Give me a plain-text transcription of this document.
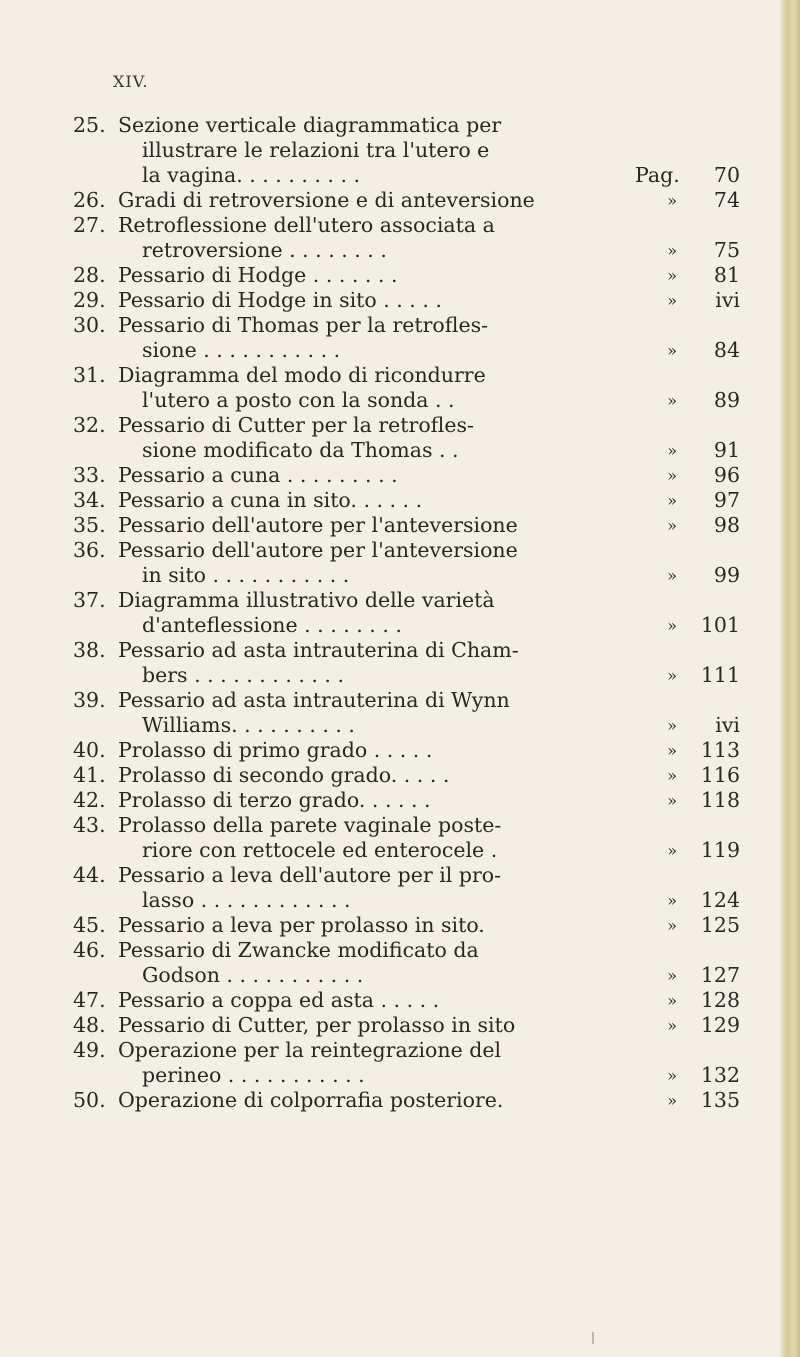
XIV.
25. Sezione verticale diagrammatica per
illustrare le relazioni tra l'utero e
la vagina. . . . . . . . . .	Pag.	70
26. Gradi di retroversione e di anteversione	»	74
27. Retroflessione dell'utero associata a
retroversione . . . . . . . .	»	75
28. Pessario di Hodge . . . . . . .	»	81
29. Pessario di Hodge in sito . . . . .	»	ivi
30. Pessario di Thomas per la retrofles-
sione . . . . . . . . . . .	»	84
31. Diagramma del modo di ricondurre
l'utero a posto con la sonda . .	»	89
32. Pessario di Cutter per la retrofles-
sione modificato da Thomas . .	»	91
33. Pessario a cuna . . . . . . . . .	»	96
34. Pessario a cuna in sito. . . . . .	»	97
35. Pessario dell'autore per l'anteversione	»	98
36. Pessario dell'autore per l'anteversione
in sito . . . . . . . . . . .	»	99
37. Diagramma illustrativo delle varietà
d'anteflessione . . . . . . . .	»	101
38. Pessario ad asta intrauterina di Cham-
bers . . . . . . . . . . . .	»	111
39. Pessario ad asta intrauterina di Wynn
Williams. . . . . . . . . .	»	ivi
40. Prolasso di primo grado . . . . .	»	113
41. Prolasso di secondo grado. . . . .	»	116
42. Prolasso di terzo grado. . . . . .	»	118
43. Prolasso della parete vaginale poste-
riore con rettocele ed enterocele .	»	119
44. Pessario a leva dell'autore per il pro-
lasso . . . . . . . . . . . .	»	124
45. Pessario a leva per prolasso in sito.	»	125
46. Pessario di Zwancke modificato da
Godson . . . . . . . . . . .	»	127
47. Pessario a coppa ed asta . . . . .	»	128
48. Pessario di Cutter, per prolasso in sito	»	129
49. Operazione per la reintegrazione del
perineo . . . . . . . . . . .	»	132
50. Operazione di colporrafia posteriore.	»	135
